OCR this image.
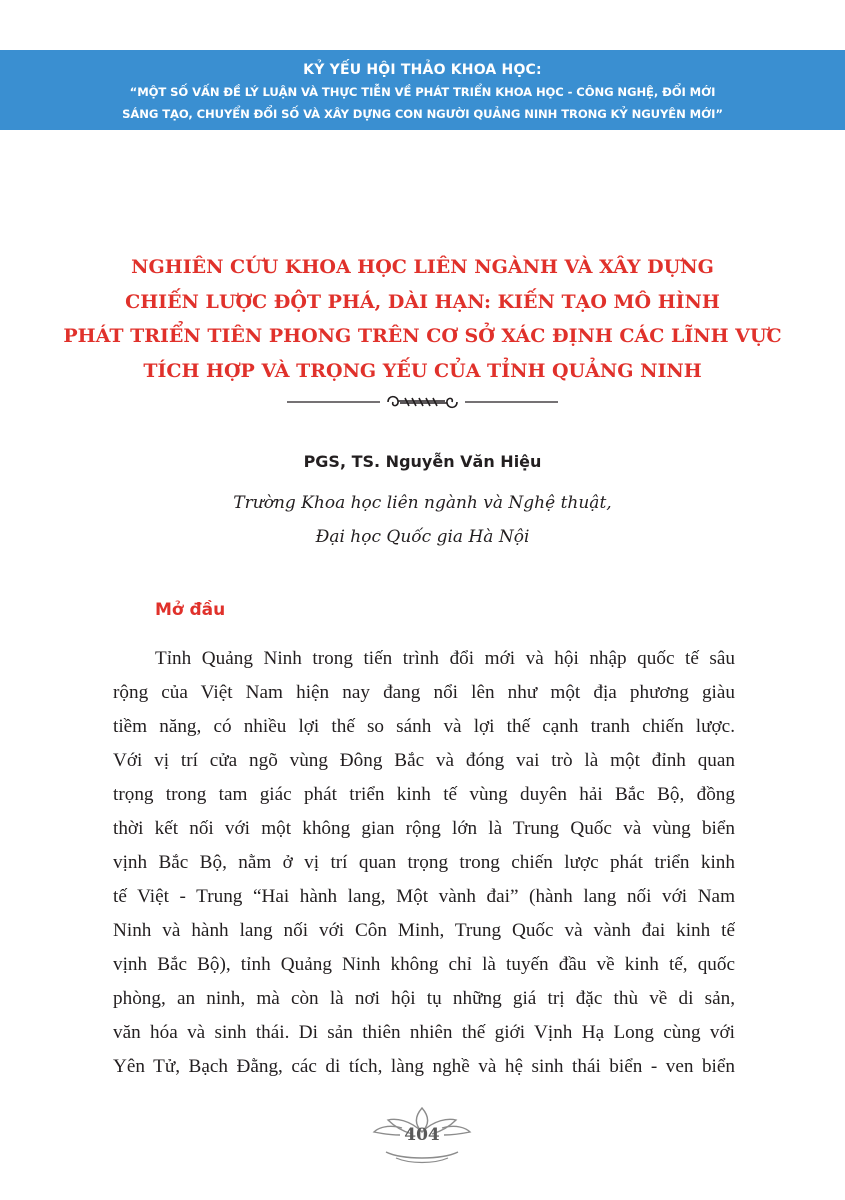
KỶ YẾU HỘI THẢO KHOA HỌC:
“MỘT SỐ VẤN ĐỀ LÝ LUẬN VÀ THỰC TIỄN VỀ PHÁT TRIỂN KHOA HỌC - CÔNG NGHỆ, ĐỔI MỚI
SÁNG TẠO, CHUYỂN ĐỔI SỐ VÀ XÂY DỰNG CON NGƯỜI QUẢNG NINH TRONG KỶ NGUYÊN MỚI”
NGHIÊN CỨU KHOA HỌC LIÊN NGÀNH VÀ XÂY DỰNG
CHIẾN LƯỢC ĐỘT PHÁ, DÀI HẠN: KIẾN TẠO MÔ HÌNH
PHÁT TRIỂN TIÊN PHONG TRÊN CƠ SỞ XÁC ĐỊNH CÁC LĨNH VỰC
TÍCH HỢP VÀ TRỌNG YẾU CỦA TỈNH QUẢNG NINH
PGS, TS. Nguyễn Văn Hiệu
Trường Khoa học liên ngành và Nghệ thuật,
Đại học Quốc gia Hà Nội
Mở đầu
Tỉnh Quảng Ninh trong tiến trình đổi mới và hội nhập quốc tế sâu
rộng của Việt Nam hiện nay đang nổi lên như một địa phương giàu
tiềm năng, có nhiều lợi thế so sánh và lợi thế cạnh tranh chiến lược.
Với vị trí cửa ngõ vùng Đông Bắc và đóng vai trò là một đỉnh quan
trọng trong tam giác phát triển kinh tế vùng duyên hải Bắc Bộ, đồng
thời kết nối với một không gian rộng lớn là Trung Quốc và vùng biển
vịnh Bắc Bộ, nằm ở vị trí quan trọng trong chiến lược phát triển kinh
tế Việt - Trung “Hai hành lang, Một vành đai” (hành lang nối với Nam
Ninh và hành lang nối với Côn Minh, Trung Quốc và vành đai kinh tế
vịnh Bắc Bộ), tỉnh Quảng Ninh không chỉ là tuyến đầu về kinh tế, quốc
phòng, an ninh, mà còn là nơi hội tụ những giá trị đặc thù về di sản,
văn hóa và sinh thái. Di sản thiên nhiên thế giới Vịnh Hạ Long cùng với
Yên Tử, Bạch Đằng, các di tích, làng nghề và hệ sinh thái biển - ven biển
404
